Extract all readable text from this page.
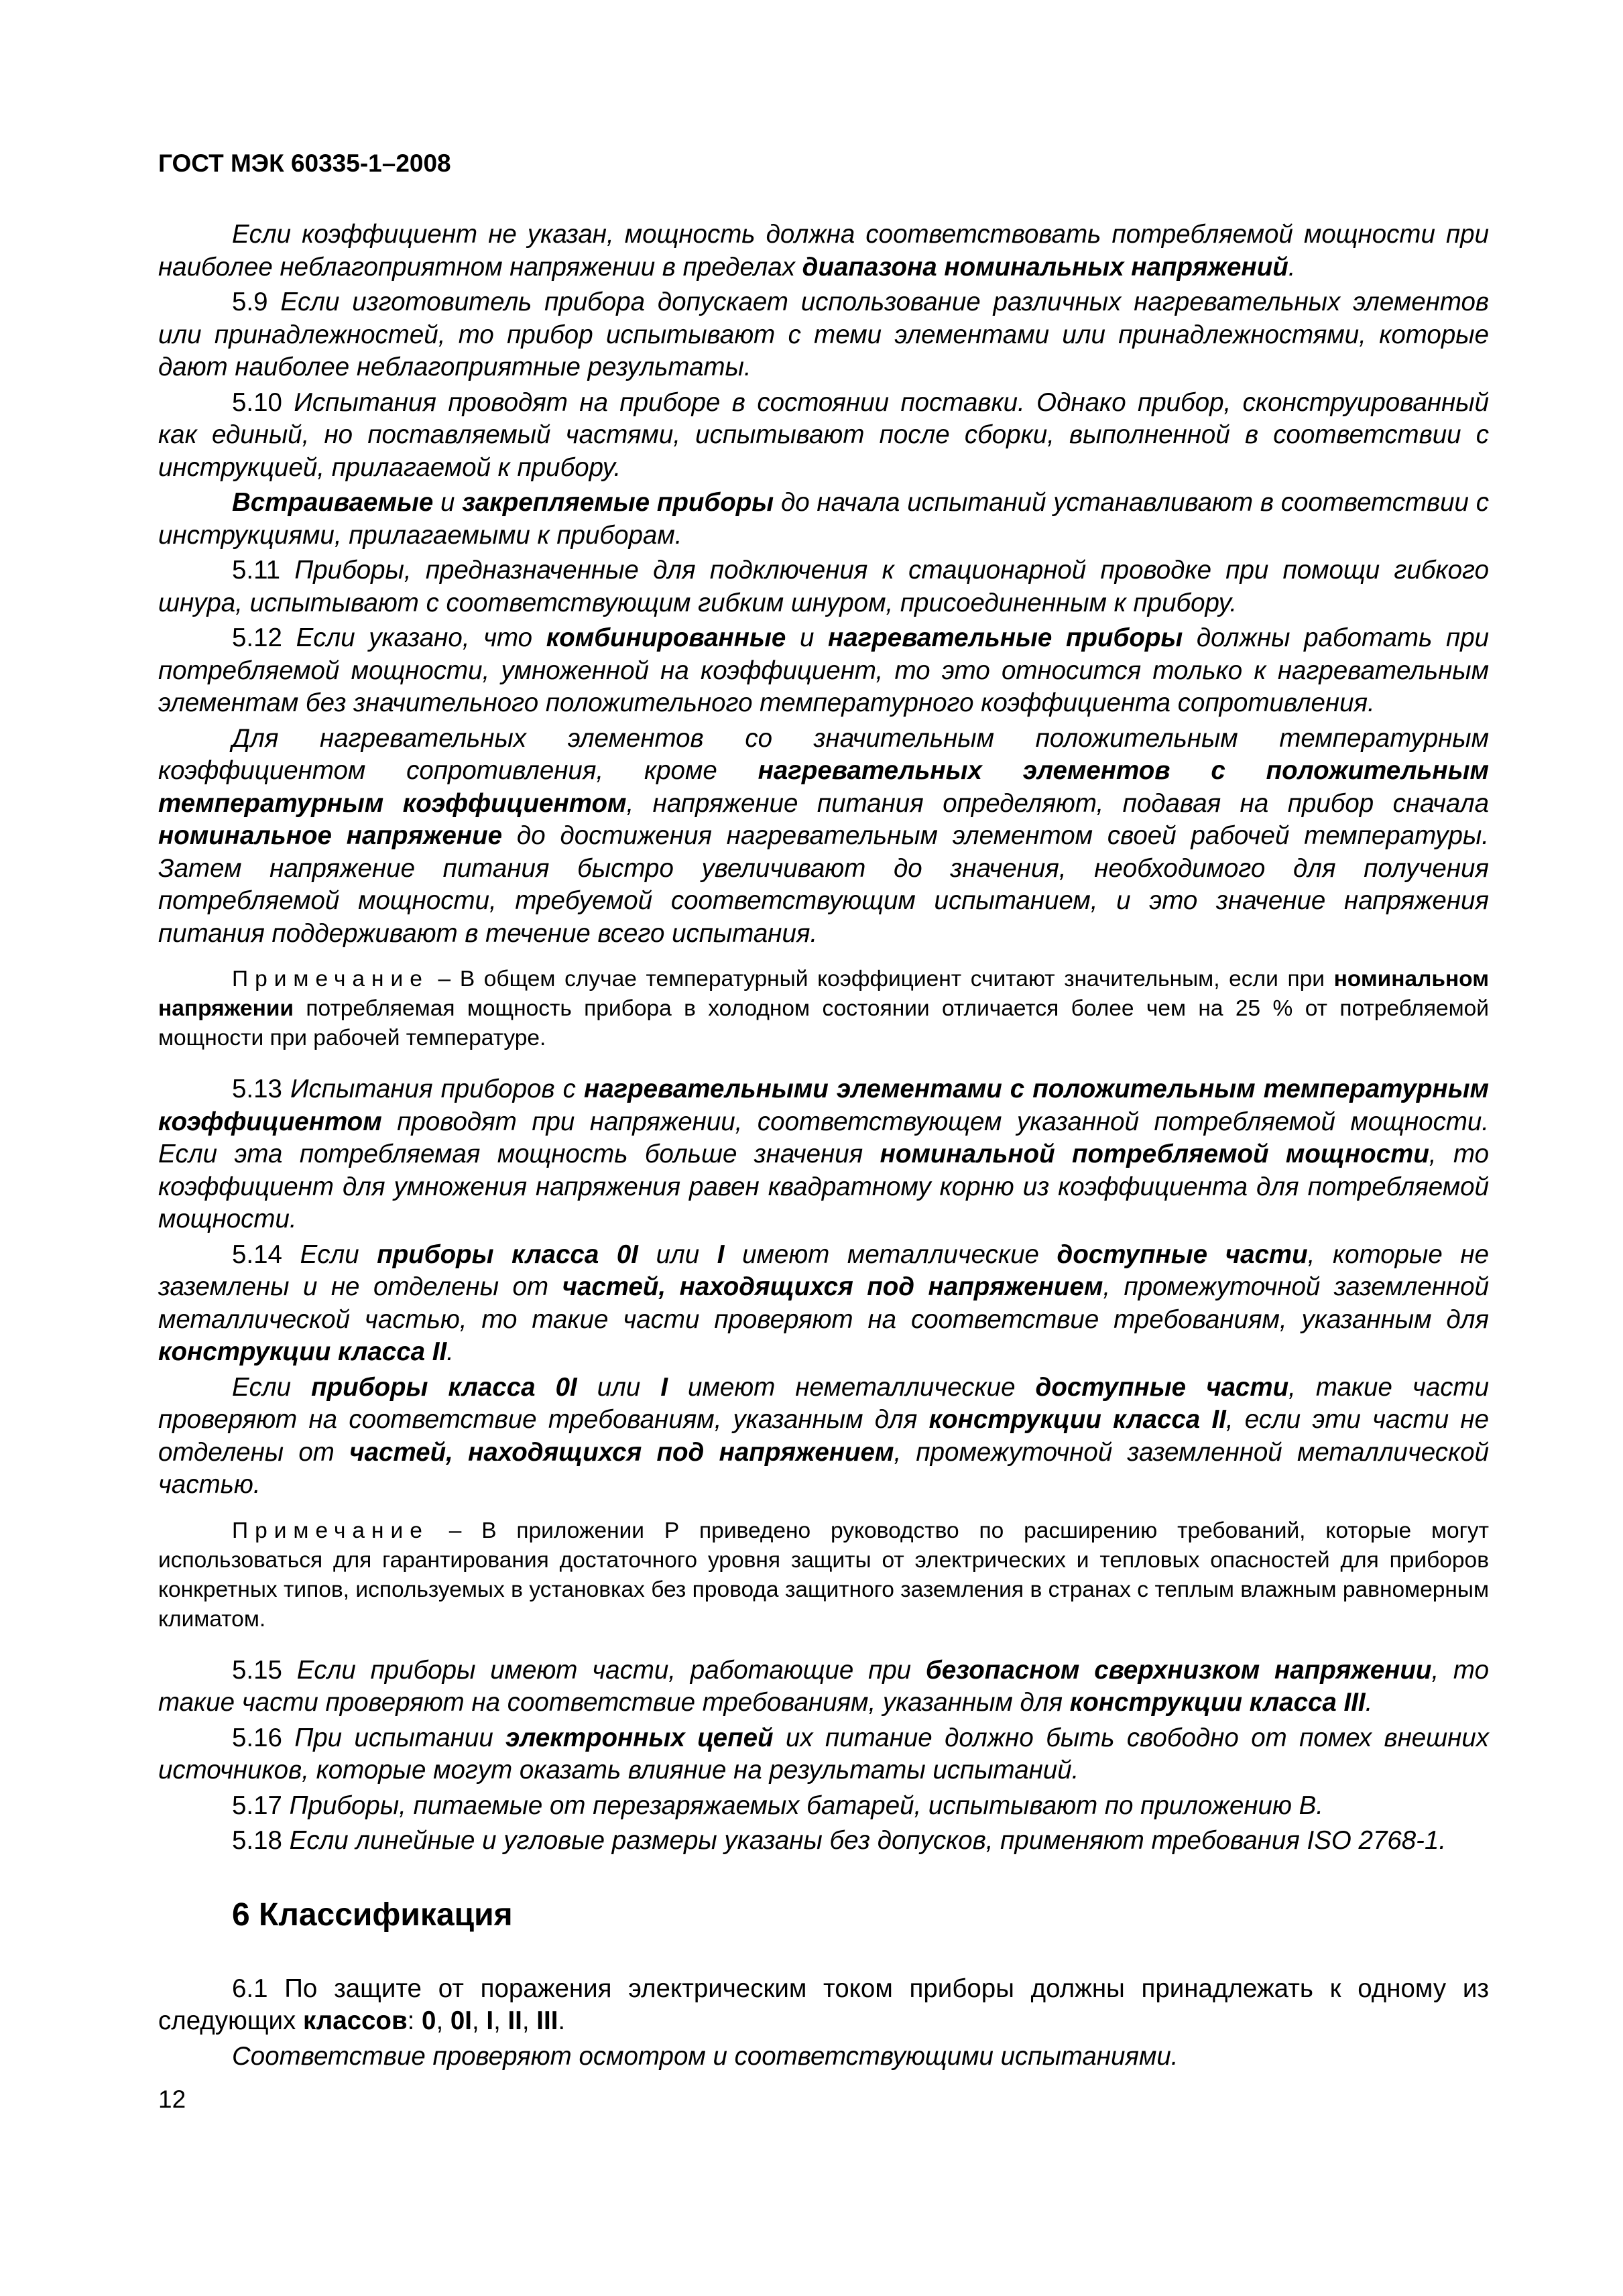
ГОСТ МЭК 60335-1–2008

Если коэффициент не указан, мощность должна соответствовать потребляемой мощности при наиболее неблагоприятном напряжении в пределах диапазона номинальных напряжений.

5.9 Если изготовитель прибора допускает использование различных нагревательных элементов или принадлежностей, то прибор испытывают с теми элементами или принадлежностями, которые дают наиболее неблагоприятные результаты.

5.10 Испытания проводят на приборе в состоянии поставки. Однако прибор, сконструированный как единый, но поставляемый частями, испытывают после сборки, выполненной в соответствии с инструкцией, прилагаемой к прибору.

Встраиваемые и закрепляемые приборы до начала испытаний устанавливают в соответствии с инструкциями, прилагаемыми к приборам.

5.11 Приборы, предназначенные для подключения к стационарной проводке при помощи гибкого шнура, испытывают с соответствующим гибким шнуром, присоединенным к прибору.

5.12 Если указано, что комбинированные и нагревательные приборы должны работать при потребляемой мощности, умноженной на коэффициент, то это относится только к нагревательным элементам без значительного положительного температурного коэффициента сопротивления.

Для нагревательных элементов со значительным положительным температурным коэффициентом сопротивления, кроме нагревательных элементов с положительным температурным коэффициентом, напряжение питания определяют, подавая на прибор сначала номинальное напряжение до достижения нагревательным элементом своей рабочей температуры. Затем напряжение питания быстро увеличивают до значения, необходимого для получения потребляемой мощности, требуемой соответствующим испытанием, и это значение напряжения питания поддерживают в течение всего испытания.

Примечание – В общем случае температурный коэффициент считают значительным, если при номинальном напряжении потребляемая мощность прибора в холодном состоянии отличается более чем на 25 % от потребляемой мощности при рабочей температуре.

5.13 Испытания приборов с нагревательными элементами с положительным температурным коэффициентом проводят при напряжении, соответствующем указанной потребляемой мощности. Если эта потребляемая мощность больше значения номинальной потребляемой мощности, то коэффициент для умножения напряжения равен квадратному корню из коэффициента для потребляемой мощности.

5.14 Если приборы класса 0I или I имеют металлические доступные части, которые не заземлены и не отделены от частей, находящихся под напряжением, промежуточной заземленной металлической частью, то такие части проверяют на соответствие требованиям, указанным для конструкции класса II.

Если приборы класса 0I или I имеют неметаллические доступные части, такие части проверяют на соответствие требованиям, указанным для конструкции класса II, если эти части не отделены от частей, находящихся под напряжением, промежуточной заземленной металлической частью.

Примечание – В приложении Р приведено руководство по расширению требований, которые могут использоваться для гарантирования достаточного уровня защиты от электрических и тепловых опасностей для приборов конкретных типов, используемых в установках без провода защитного заземления в странах с теплым влажным равномерным климатом.

5.15 Если приборы имеют части, работающие при безопасном сверхнизком напряжении, то такие части проверяют на соответствие требованиям, указанным для конструкции класса III.

5.16 При испытании электронных цепей их питание должно быть свободно от помех внешних источников, которые могут оказать влияние на результаты испытаний.

5.17 Приборы, питаемые от перезаряжаемых батарей, испытывают по приложению В.

5.18 Если линейные и угловые размеры указаны без допусков, применяют требования ISO 2768-1.

6 Классификация

6.1 По защите от поражения электрическим током приборы должны принадлежать к одному из следующих классов: 0, 0I, I, II, III.

Соответствие проверяют осмотром и соответствующими испытаниями.

12
